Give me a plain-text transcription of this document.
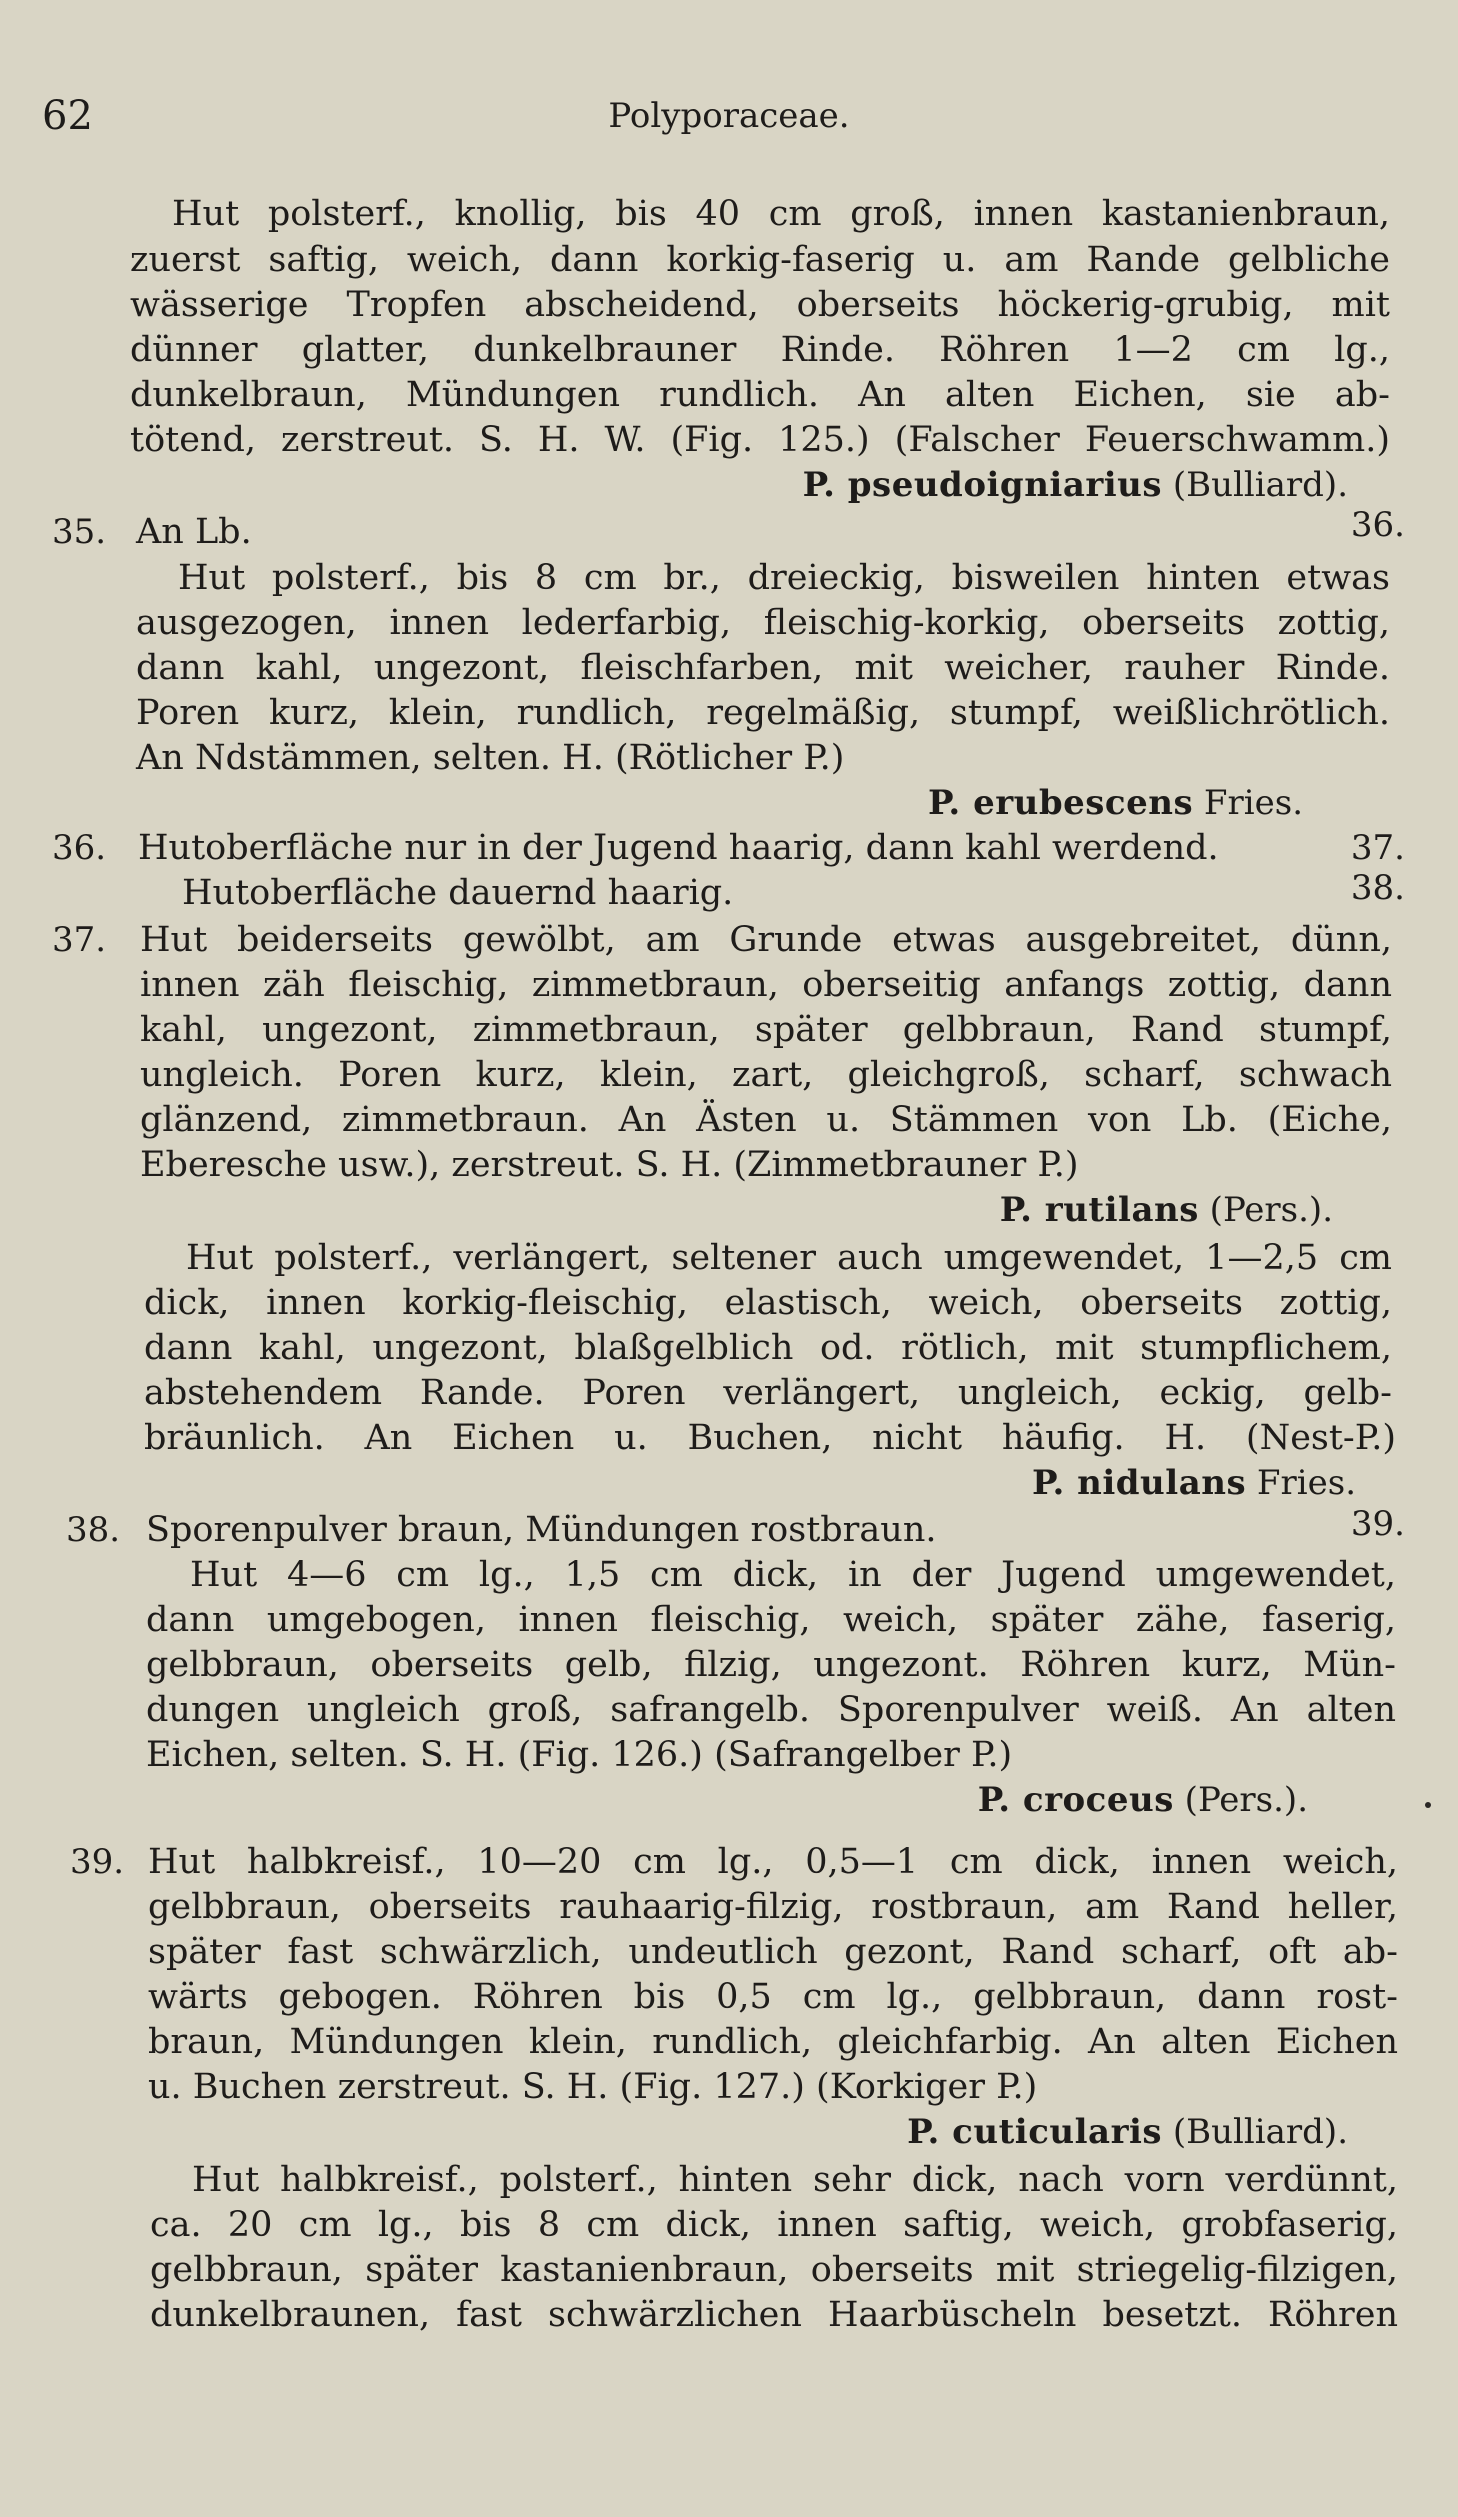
62	Polyporaceae.
Hut polsterf., knollig, bis 40 cm groß, innen kastanienbraun,
zuerst saftig, weich, dann korkig-faserig u. am Rande gelbliche
wässerige Tropfen abscheidend, oberseits höckerig-grubig, mit
dünner glatter, dunkelbrauner Rinde. Röhren 1—2 cm lg.,
dunkelbraun, Mündungen rundlich. An alten Eichen, sie ab-
tötend, zerstreut. S. H. W. (Fig. 125.) (Falscher Feuerschwamm.)
P. pseudoigniarius (Bulliard).
35. An Lb.	36.
Hut polsterf., bis 8 cm br., dreieckig, bisweilen hinten etwas
ausgezogen, innen lederfarbig, fleischig-korkig, oberseits zottig,
dann kahl, ungezont, fleischfarben, mit weicher, rauher Rinde.
Poren kurz, klein, rundlich, regelmäßig, stumpf, weißlichrötlich.
An Ndstämmen, selten. H. (Rötlicher P.)
P. erubescens Fries.
36. Hutoberfläche nur in der Jugend haarig, dann kahl werdend.	37.
Hutoberfläche dauernd haarig.	38.
37. Hut beiderseits gewölbt, am Grunde etwas ausgebreitet, dünn,
innen zäh fleischig, zimmetbraun, oberseitig anfangs zottig, dann
kahl, ungezont, zimmetbraun, später gelbbraun, Rand stumpf,
ungleich. Poren kurz, klein, zart, gleichgroß, scharf, schwach
glänzend, zimmetbraun. An Ästen u. Stämmen von Lb. (Eiche,
Eberesche usw.), zerstreut. S. H. (Zimmetbrauner P.)
P. rutilans (Pers.).
Hut polsterf., verlängert, seltener auch umgewendet, 1—2,5 cm
dick, innen korkig-fleischig, elastisch, weich, oberseits zottig,
dann kahl, ungezont, blaßgelblich od. rötlich, mit stumpflichem,
abstehendem Rande. Poren verlängert, ungleich, eckig, gelb-
bräunlich. An Eichen u. Buchen, nicht häufig. H. (Nest-P.)
P. nidulans Fries.
38. Sporenpulver braun, Mündungen rostbraun.	39.
Hut 4—6 cm lg., 1,5 cm dick, in der Jugend umgewendet,
dann umgebogen, innen fleischig, weich, später zähe, faserig,
gelbbraun, oberseits gelb, filzig, ungezont. Röhren kurz, Mün-
dungen ungleich groß, safrangelb. Sporenpulver weiß. An alten
Eichen, selten. S. H. (Fig. 126.) (Safrangelber P.)
P. croceus (Pers.).
39. Hut halbkreisf., 10—20 cm lg., 0,5—1 cm dick, innen weich,
gelbbraun, oberseits rauhaarig-filzig, rostbraun, am Rand heller,
später fast schwärzlich, undeutlich gezont, Rand scharf, oft ab-
wärts gebogen. Röhren bis 0,5 cm lg., gelbbraun, dann rost-
braun, Mündungen klein, rundlich, gleichfarbig. An alten Eichen
u. Buchen zerstreut. S. H. (Fig. 127.) (Korkiger P.)
P. cuticularis (Bulliard).
Hut halbkreisf., polsterf., hinten sehr dick, nach vorn verdünnt,
ca. 20 cm lg., bis 8 cm dick, innen saftig, weich, grobfaserig,
gelbbraun, später kastanienbraun, oberseits mit striegelig-filzigen,
dunkelbraunen, fast schwärzlichen Haarbüscheln besetzt. Röhren
